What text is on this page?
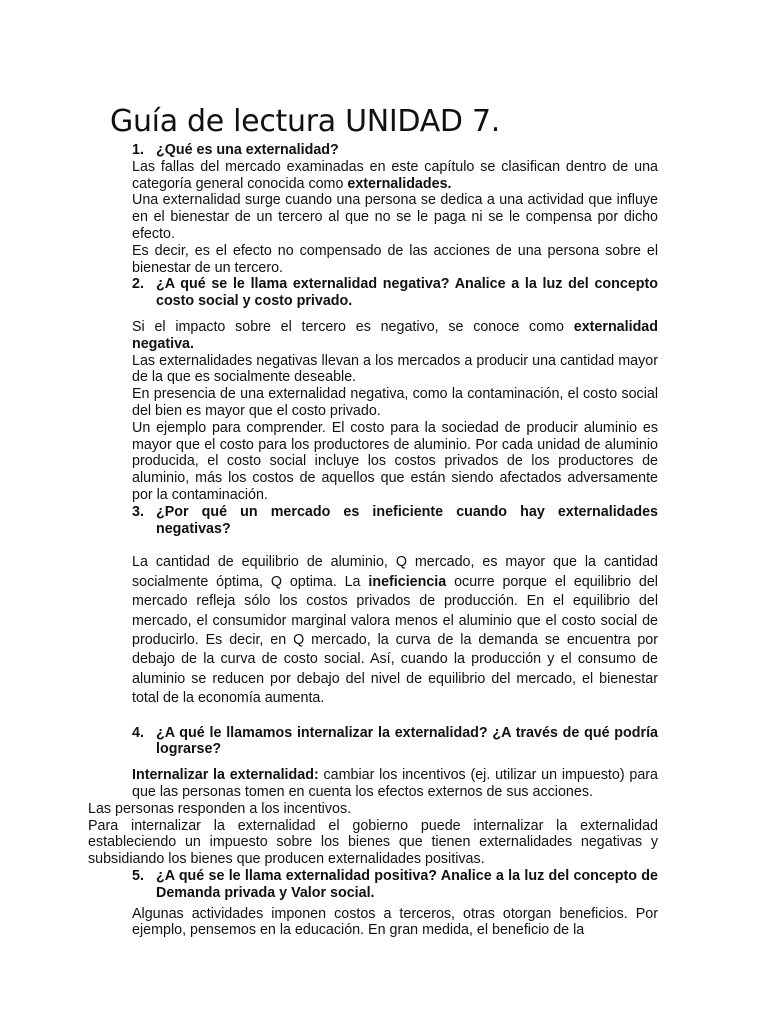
Guía de lectura UNIDAD 7.
1. ¿Qué es una externalidad?
Las fallas del mercado examinadas en este capítulo se clasifican dentro de una categoría general conocida como externalidades.
Una externalidad surge cuando una persona se dedica a una actividad que influye en el bienestar de un tercero al que no se le paga ni se le compensa por dicho efecto.
Es decir, es el efecto no compensado de las acciones de una persona sobre el bienestar de un tercero.
2. ¿A qué se le llama externalidad negativa? Analice a la luz del concepto costo social y costo privado.
Si el impacto sobre el tercero es negativo, se conoce como externalidad negativa.
Las externalidades negativas llevan a los mercados a producir una cantidad mayor de la que es socialmente deseable.
En presencia de una externalidad negativa, como la contaminación, el costo social del bien es mayor que el costo privado.
Un ejemplo para comprender. El costo para la sociedad de producir aluminio es mayor que el costo para los productores de aluminio. Por cada unidad de aluminio producida, el costo social incluye los costos privados de los productores de aluminio, más los costos de aquellos que están siendo afectados adversamente por la contaminación.
3. ¿Por qué un mercado es ineficiente cuando hay externalidades negativas?
La cantidad de equilibrio de aluminio, Q mercado, es mayor que la cantidad socialmente óptima, Q optima. La ineficiencia ocurre porque el equilibrio del mercado refleja sólo los costos privados de producción. En el equilibrio del mercado, el consumidor marginal valora menos el aluminio que el costo social de producirlo. Es decir, en Q mercado, la curva de la demanda se encuentra por debajo de la curva de costo social. Así, cuando la producción y el consumo de aluminio se reducen por debajo del nivel de equilibrio del mercado, el bienestar total de la economía aumenta.
4. ¿A qué le llamamos internalizar la externalidad? ¿A través de qué podría lograrse?
Internalizar la externalidad: cambiar los incentivos (ej. utilizar un impuesto) para que las personas tomen en cuenta los efectos externos de sus acciones.
Las personas responden a los incentivos.
Para internalizar la externalidad el gobierno puede internalizar la externalidad estableciendo un impuesto sobre los bienes que tienen externalidades negativas y subsidiando los bienes que producen externalidades positivas.
5. ¿A qué se le llama externalidad positiva? Analice a la luz del concepto de Demanda privada y Valor social.
Algunas actividades imponen costos a terceros, otras otorgan beneficios. Por ejemplo, pensemos en la educación. En gran medida, el beneficio de la
